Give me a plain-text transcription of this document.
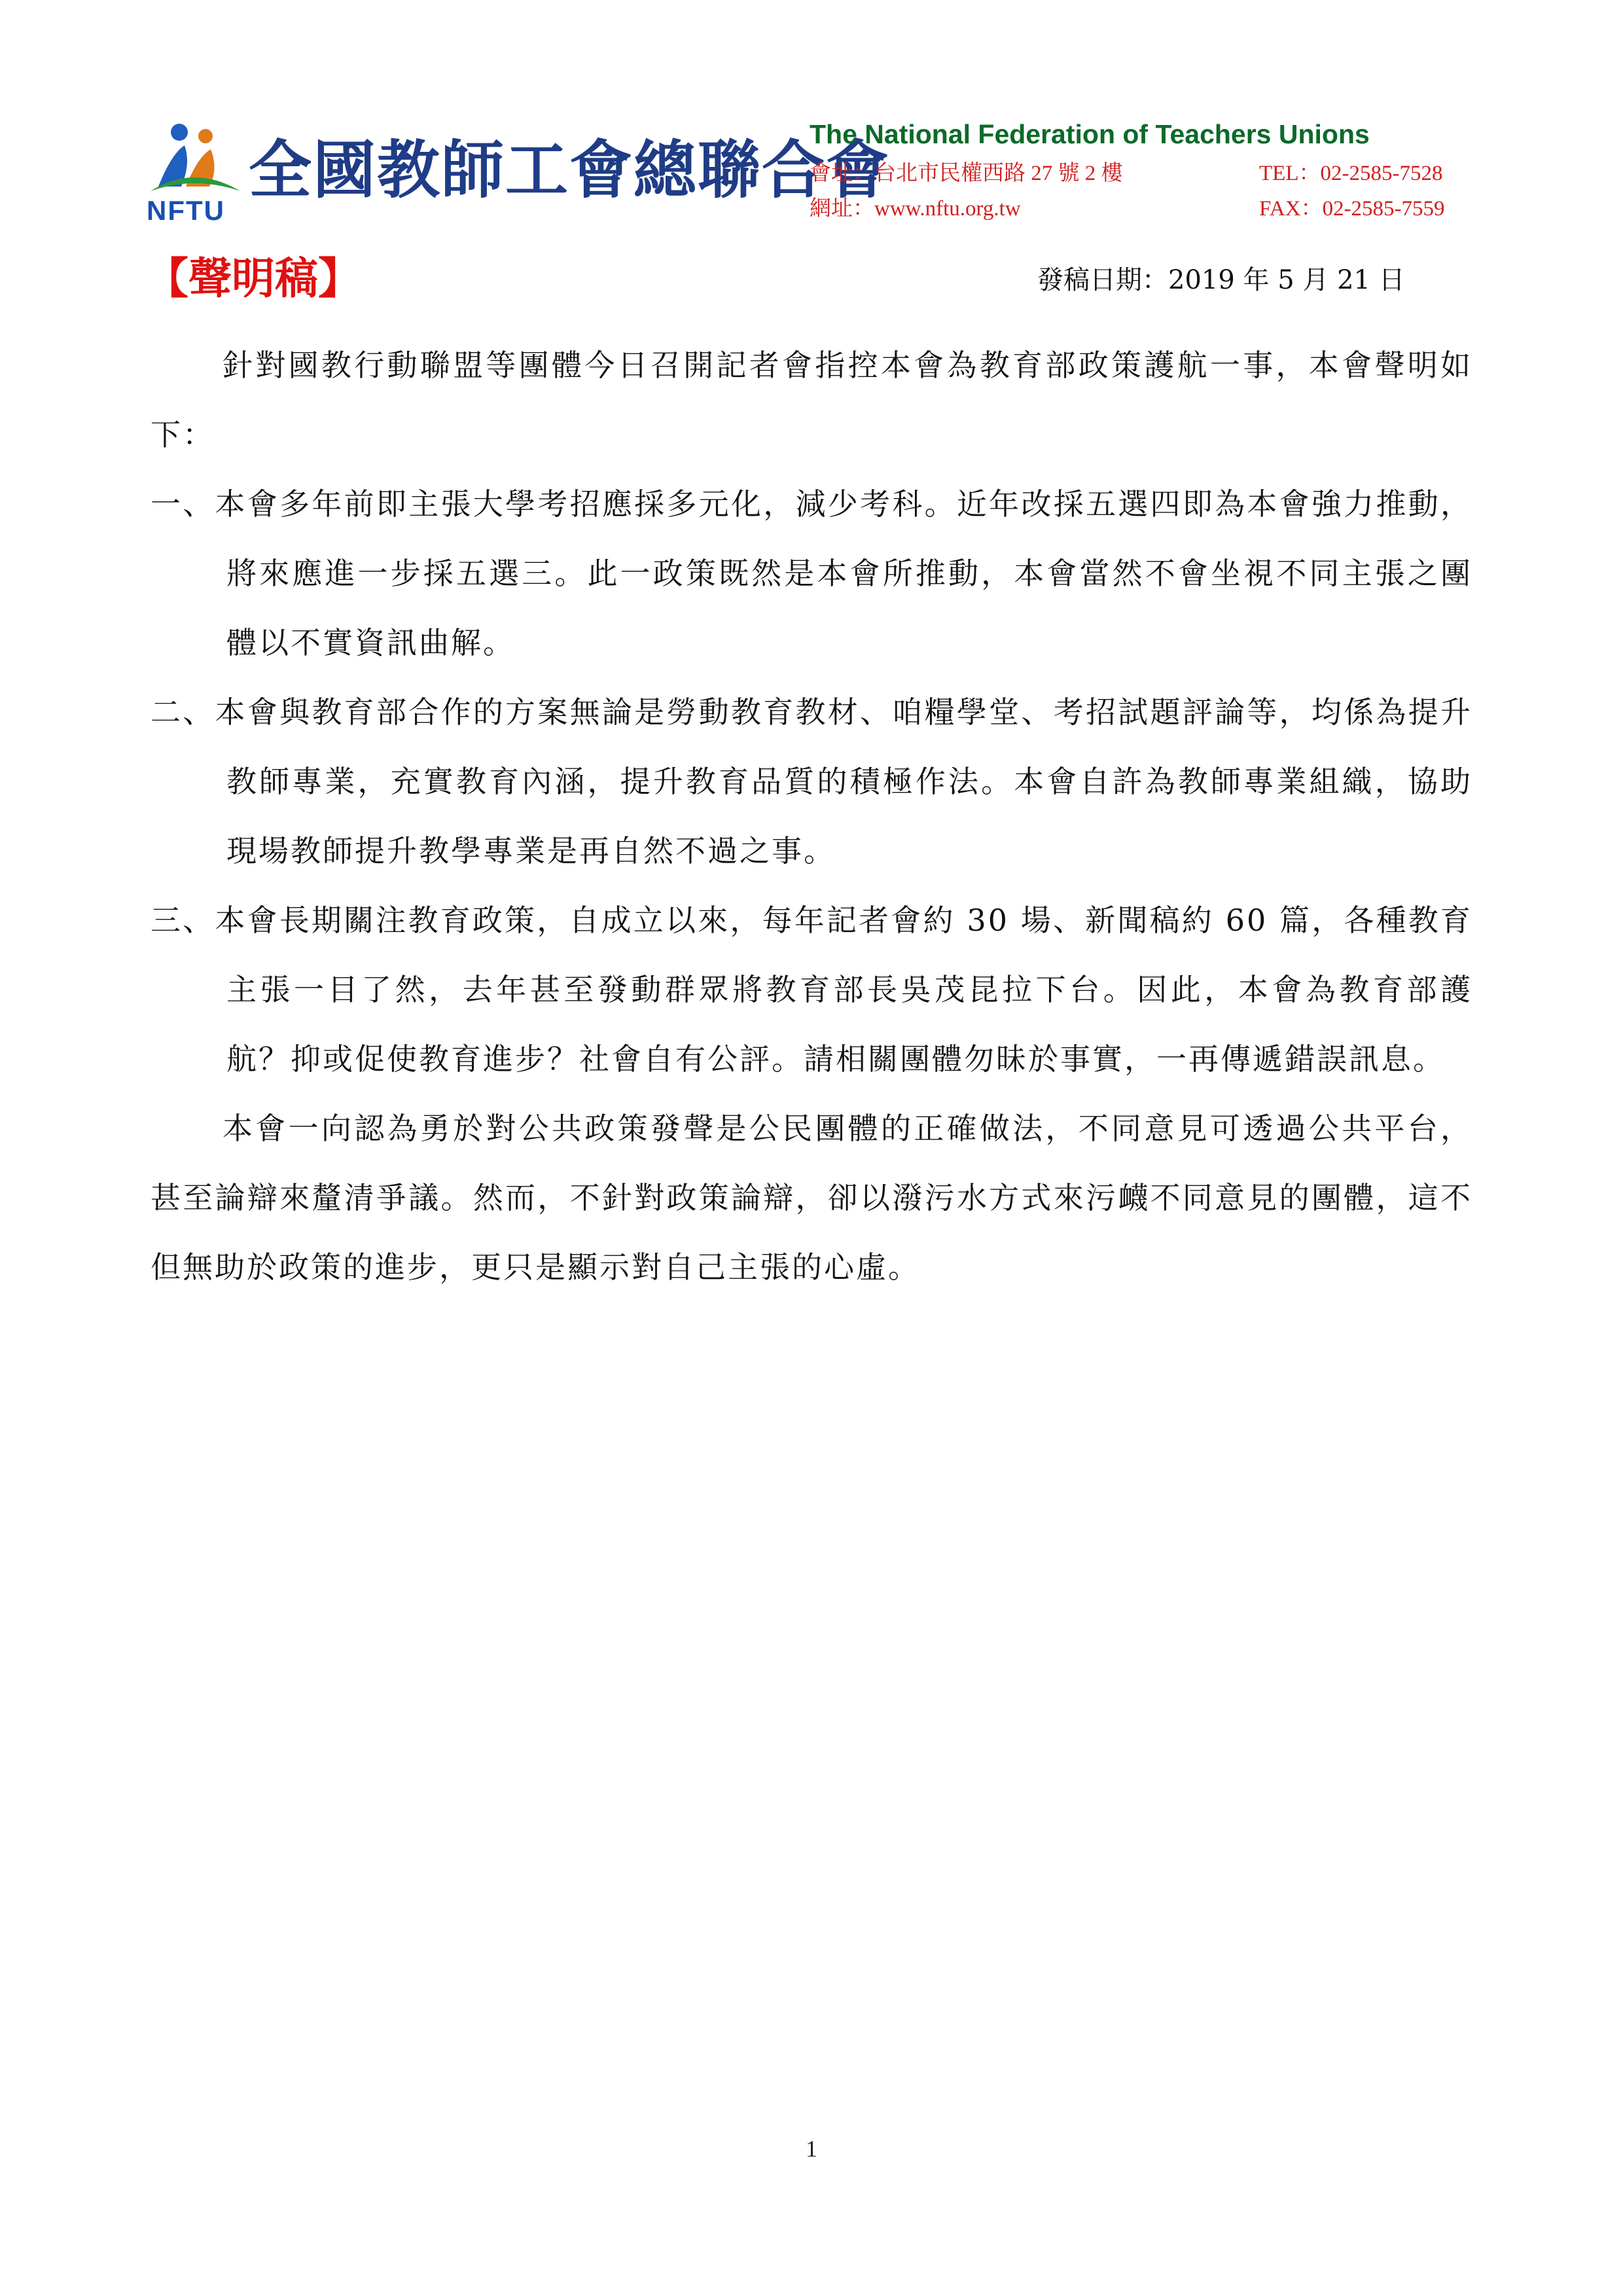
NFTU
全國教師工會總聯合會
The National Federation of Teachers Unions
會址：台北市民權西路 27 號 2 樓
網址：www.nftu.org.tw
TEL：02-2585-7528
FAX：02-2585-7559
【聲明稿】	發稿日期：2019 年 5 月 21 日

針對國教行動聯盟等團體今日召開記者會指控本會為教育部政策護航一事，本會聲明如下：

一、本會多年前即主張大學考招應採多元化，減少考科。近年改採五選四即為本會強力推動，將來應進一步採五選三。此一政策既然是本會所推動，本會當然不會坐視不同主張之團體以不實資訊曲解。

二、本會與教育部合作的方案無論是勞動教育教材、咱糧學堂、考招試題評論等，均係為提升教師專業，充實教育內涵，提升教育品質的積極作法。本會自許為教師專業組織，協助現場教師提升教學專業是再自然不過之事。

三、本會長期關注教育政策，自成立以來，每年記者會約 30 場、新聞稿約 60 篇，各種教育主張一目了然，去年甚至發動群眾將教育部長吳茂昆拉下台。因此，本會為教育部護航？抑或促使教育進步？社會自有公評。請相關團體勿昧於事實，一再傳遞錯誤訊息。

本會一向認為勇於對公共政策發聲是公民團體的正確做法，不同意見可透過公共平台，甚至論辯來釐清爭議。然而，不針對政策論辯，卻以潑污水方式來污衊不同意見的團體，這不但無助於政策的進步，更只是顯示對自己主張的心虛。

1
